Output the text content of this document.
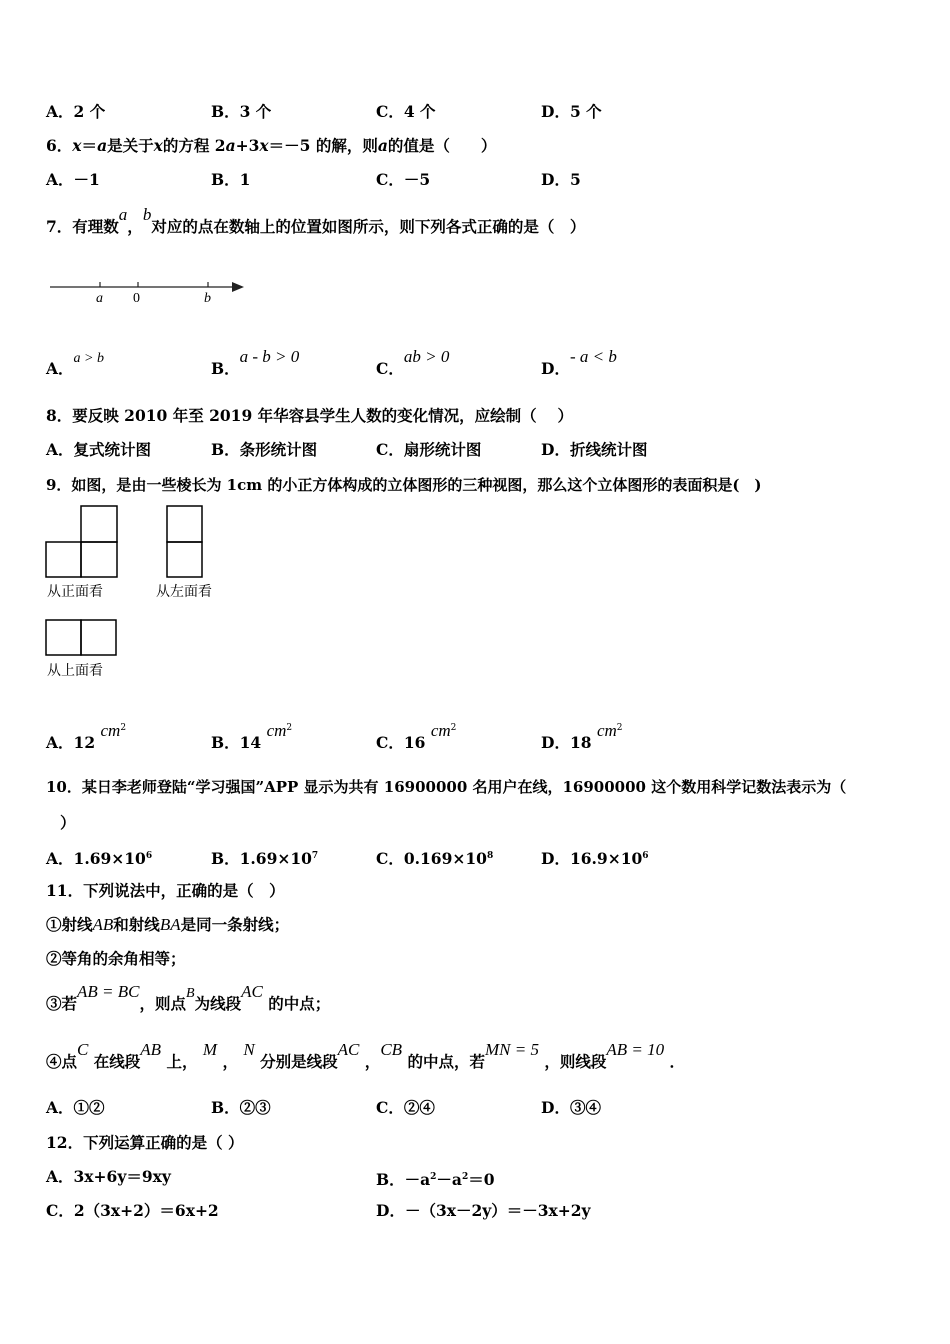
A．2 个	B．3 个	C．4 个	D．5 个
6．x＝a是关于x的方程 2a+3x＝－5 的解，则a的值是（　　）
A．－1	B．1	C．－5	D．5
7．有理数a，b对应的点在数轴上的位置如图所示，则下列各式正确的是（　）
a 0	b
A．a > b
B．a - b > 0
C．ab > 0
D．- a < b
8．要反映 2010 年至 2019 年华容县学生人数的变化情况，应绘制（　 ）
A．复式统计图	B．条形统计图	C．扇形统计图	D．折线统计图
9．如图，是由一些棱长为 1cm 的小正方体构成的立体图形的三种视图，那么这个立体图形的表面积是(　)
从正面看	从左面看
从上面看
A．12 $cm^2$
B．14 $cm^2$
C．16 $cm^2$
D．18 $cm^2$
10．某日李老师登陆“学习强国”APP 显示为共有 16900000 名用户在线，16900000 这个数用科学记数法表示为（
）
A．$1.69\times 10^6$	B．$1.69\times 10^7$	C．$0.169\times 10^8$	D．$16.9\times 10^6$
11．下列说法中，正确的是（　）
①射线AB和射线BA是同一条射线；
②等角的余角相等；
③若AB = BC，则点B为线段AC 的中点；
④点C 在线段AB 上， M ， N 分别是线段AC ，CB 的中点，若MN = 5 ，则线段AB = 10 ．
A．①②	B．②③	C．②④	D．③④
12．下列运算正确的是（ ）
A．3x+6y＝9xy	B．$-a^2-a^2=0$
C．2（3x+2）＝6x+2	D．－（3x－2y）＝－3x+2y
